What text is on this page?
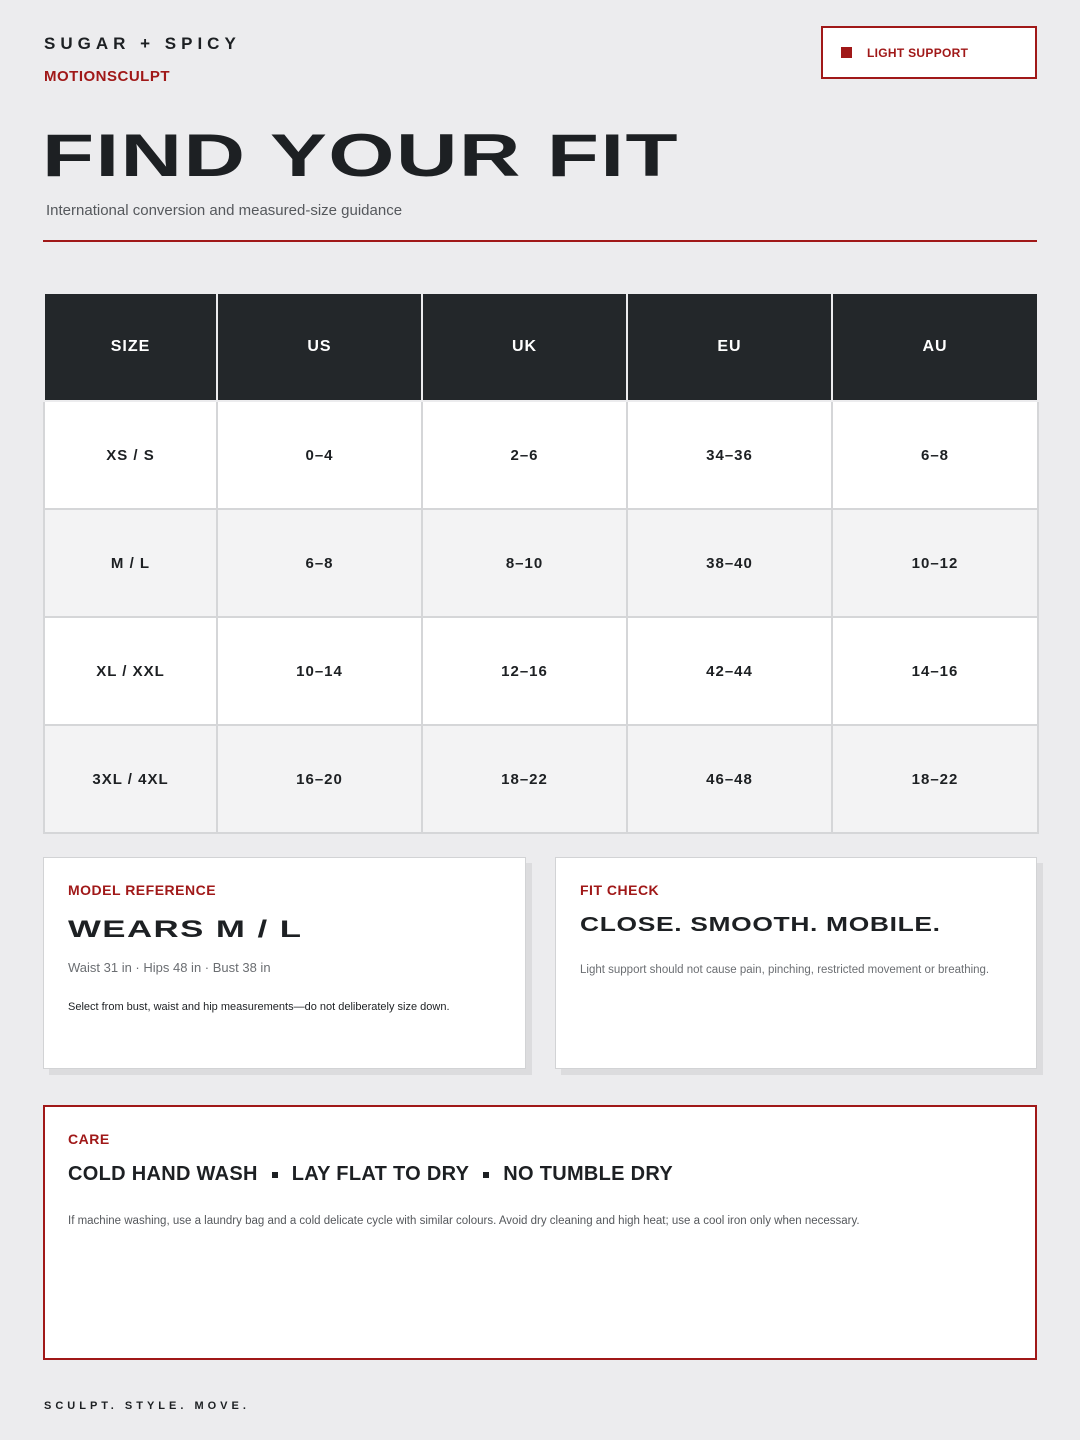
SUGAR + SPICY
MOTIONSCULPT
LIGHT SUPPORT
FIND YOUR FIT
International conversion and measured-size guidance
SIZE	US	UK	EU	AU
XS / S	0–4	2–6	34–36	6–8
M / L	6–8	8–10	38–40	10–12
XL / XXL	10–14	12–16	42–44	14–16
3XL / 4XL	16–20	18–22	46–48	18–22
MODEL REFERENCE
WEARS M / L
Waist 31 in · Hips 48 in · Bust 38 in
Select from bust, waist and hip measurements—do not deliberately size down.
FIT CHECK
CLOSE. SMOOTH. MOBILE.
Light support should not cause pain, pinching, restricted movement or breathing.
CARE
COLD HAND WASH LAY FLAT TO DRY NO TUMBLE DRY
If machine washing, use a laundry bag and a cold delicate cycle with similar colours. Avoid dry cleaning and high heat; use a cool iron only when necessary.
SCULPT. STYLE. MOVE.
